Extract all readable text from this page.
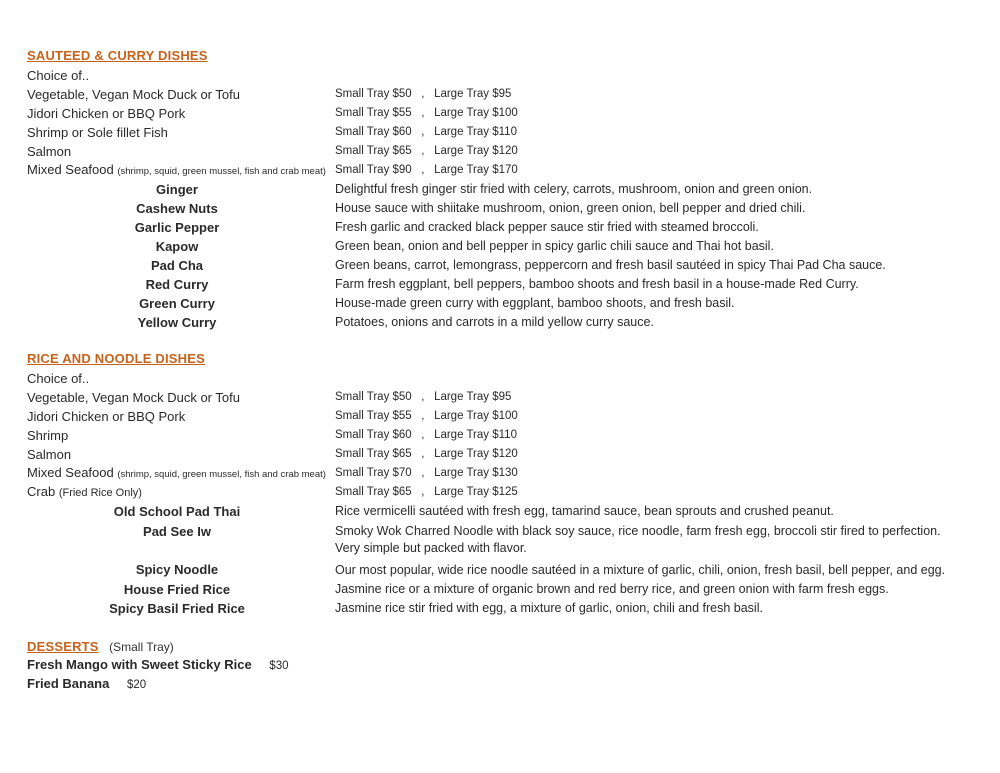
SAUTEED & CURRY DISHES
Choice of..
Vegetable, Vegan Mock Duck or Tofu	Small Tray $50   ,   Large Tray $95
Jidori Chicken or BBQ Pork	Small Tray $55   ,   Large Tray $100
Shrimp or Sole fillet Fish	Small Tray $60   ,   Large Tray $110
Salmon	Small Tray $65   ,   Large Tray $120
Mixed Seafood (shrimp, squid, green mussel, fish and crab meat) Small Tray $90   ,   Large Tray $170
Ginger	Delightful fresh ginger stir fried with celery, carrots, mushroom, onion and green onion.
Cashew Nuts	House sauce with shiitake mushroom, onion, green onion, bell pepper and dried chili.
Garlic Pepper	Fresh garlic and cracked black pepper sauce stir fried with steamed broccoli.
Kapow	Green bean, onion and bell pepper in spicy garlic chili sauce and Thai hot basil.
Pad Cha	Green beans, carrot, lemongrass, peppercorn and fresh basil sautéed in spicy Thai Pad Cha sauce.
Red Curry	Farm fresh eggplant, bell peppers, bamboo shoots and fresh basil in a house-made Red Curry.
Green Curry	House-made green curry with eggplant, bamboo shoots, and fresh basil.
Yellow Curry	Potatoes, onions and carrots in a mild yellow curry sauce.
RICE AND NOODLE DISHES
Choice of..
Vegetable, Vegan Mock Duck or Tofu	Small Tray $50   ,   Large Tray $95
Jidori Chicken or BBQ Pork	Small Tray $55   ,   Large Tray $100
Shrimp	Small Tray $60   ,   Large Tray $110
Salmon	Small Tray $65   ,   Large Tray $120
Mixed Seafood (shrimp, squid, green mussel, fish and crab meat) Small Tray $70   ,   Large Tray $130
Crab (Fried Rice Only)	Small Tray $65   ,   Large Tray $125
Old School Pad Thai	Rice vermicelli sautéed with fresh egg, tamarind sauce, bean sprouts and crushed peanut.
Pad See Iw	Smoky Wok Charred Noodle with black soy sauce, rice noodle, farm fresh egg, broccoli stir fired to perfection.
Very simple but packed with flavor.
Spicy Noodle	Our most popular, wide rice noodle sautéed in a mixture of garlic, chili, onion, fresh basil, bell pepper, and egg.
House Fried Rice	Jasmine rice or a mixture of organic brown and red berry rice, and green onion with farm fresh eggs.
Spicy Basil Fried Rice	Jasmine rice stir fried with egg, a mixture of garlic, onion, chili and fresh basil.
DESSERTS (Small Tray)
Fresh Mango with Sweet Sticky Rice $30
Fried Banana $20
